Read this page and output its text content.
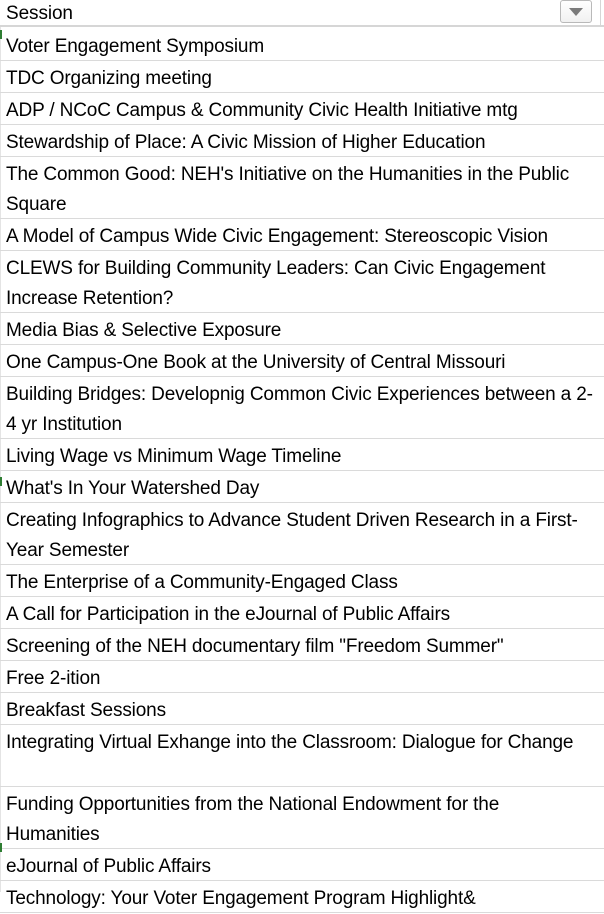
Session
Voter Engagement Symposium
TDC Organizing meeting
ADP / NCoC Campus & Community Civic Health Initiative mtg
Stewardship of Place: A Civic Mission of Higher Education
The Common Good: NEH's Initiative on the Humanities in the Public Square
A Model of Campus Wide Civic Engagement: Stereoscopic Vision
CLEWS for Building Community Leaders: Can Civic Engagement Increase Retention?
Media Bias & Selective Exposure
One Campus-One Book at the University of Central Missouri
Building Bridges: Developnig Common Civic Experiences between a 2-4 yr Institution
Living Wage vs Minimum Wage Timeline
What's In Your Watershed Day
Creating Infographics to Advance Student Driven Research in a First-Year Semester
The Enterprise of a Community-Engaged Class
A Call for Participation in the eJournal of Public Affairs
Screening of the NEH documentary film "Freedom Summer"
Free 2-ition
Breakfast Sessions
Integrating Virtual Exhange into the Classroom: Dialogue for Change
Funding Opportunities from the National Endowment for the Humanities
eJournal of Public Affairs
Technology: Your Voter Engagement Program Highlight&
